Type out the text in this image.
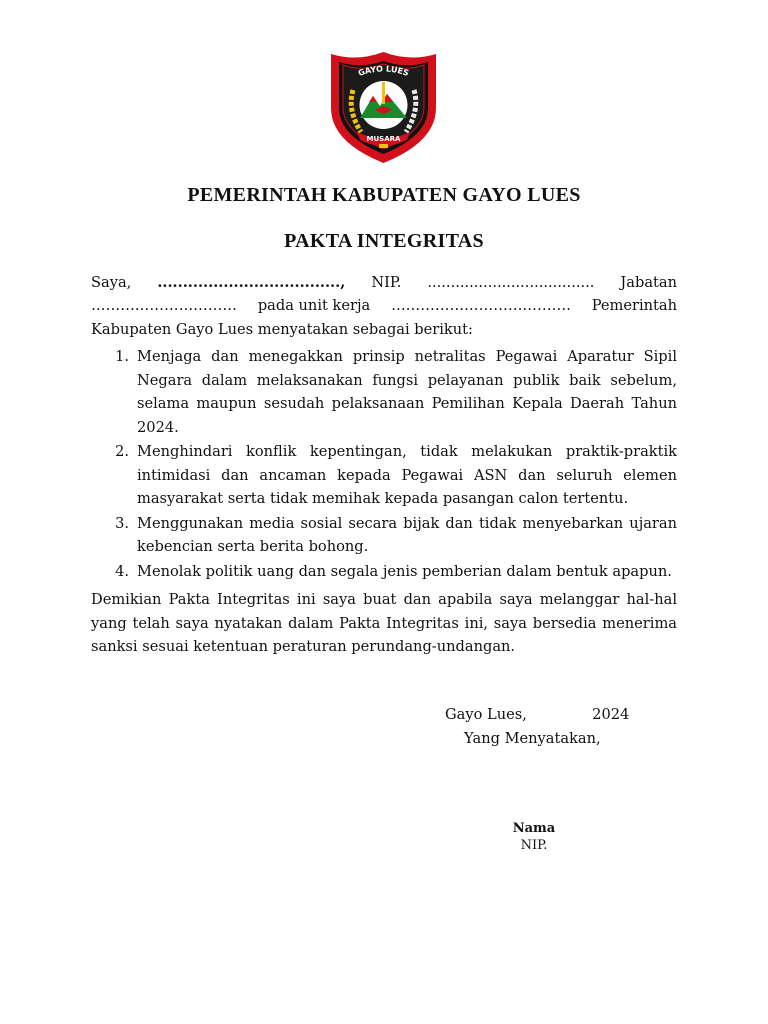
GAYO LUES
MUSARA
PEMERINTAH KABUPATEN GAYO LUES
PAKTA INTEGRITAS
Saya, ...................................., NIP. .................................... Jabatan
………………………… pada unit kerja ………………………………. Pemerintah
Kabupaten Gayo Lues menyatakan sebagai berikut:
1. Menjaga dan menegakkan prinsip netralitas Pegawai Aparatur Sipil Negara dalam melaksanakan fungsi pelayanan publik baik sebelum, selama maupun sesudah pelaksanaan Pemilihan Kepala Daerah Tahun 2024.
2. Menghindari konflik kepentingan, tidak melakukan praktik-praktik intimidasi dan ancaman kepada Pegawai ASN dan seluruh elemen masyarakat serta tidak memihak kepada pasangan calon tertentu.
3. Menggunakan media sosial secara bijak dan tidak menyebarkan ujaran kebencian serta berita bohong.
4. Menolak politik uang dan segala jenis pemberian dalam bentuk apapun.
Demikian Pakta Integritas ini saya buat dan apabila saya melanggar hal-hal yang telah saya nyatakan dalam Pakta Integritas ini, saya bersedia menerima sanksi sesuai ketentuan peraturan perundang-undangan.
Gayo Lues,	2024
Yang Menyatakan,
Nama
NIP.
